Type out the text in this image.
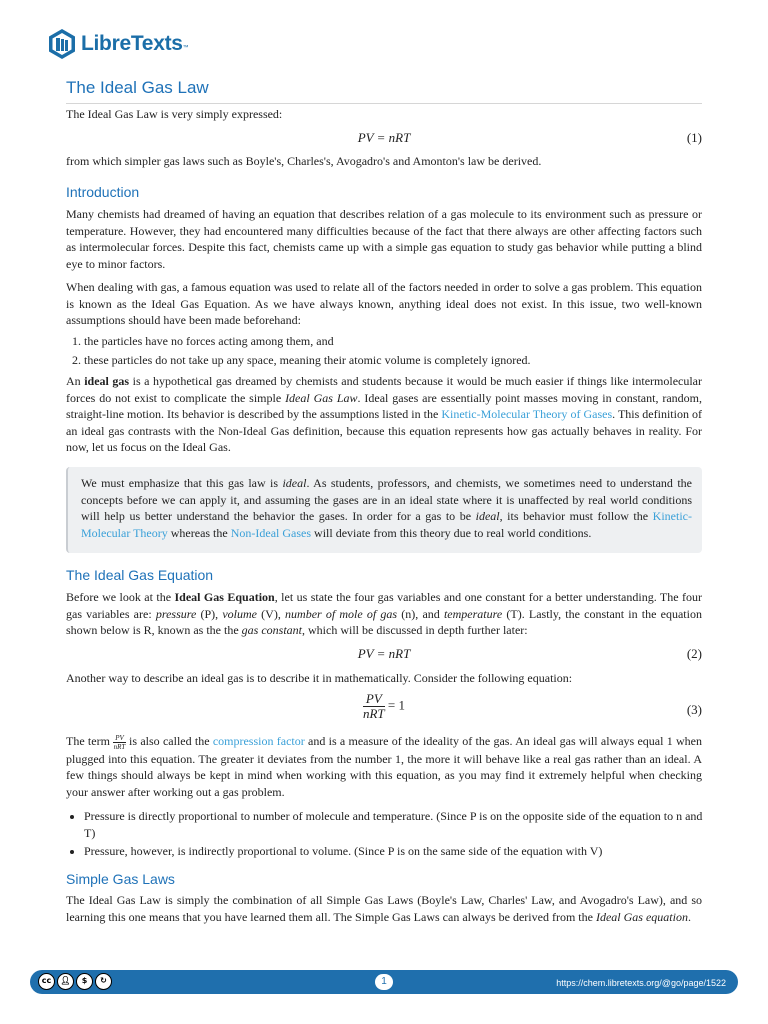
LibreTexts™
The Ideal Gas Law

The Ideal Gas Law is very simply expressed:

PV = nRT	(1)

from which simpler gas laws such as Boyle's, Charles's, Avogadro's and Amonton's law be derived.

Introduction

Many chemists had dreamed of having an equation that describes relation of a gas molecule to its environment such as pressure or temperature. However, they had encountered many difficulties because of the fact that there always are other affecting factors such as intermolecular forces. Despite this fact, chemists came up with a simple gas equation to study gas behavior while putting a blind eye to minor factors.

When dealing with gas, a famous equation was used to relate all of the factors needed in order to solve a gas problem. This equation is known as the Ideal Gas Equation. As we have always known, anything ideal does not exist. In this issue, two well-known assumptions should have been made beforehand:

1. the particles have no forces acting among them, and
2. these particles do not take up any space, meaning their atomic volume is completely ignored.

An ideal gas is a hypothetical gas dreamed by chemists and students because it would be much easier if things like intermolecular forces do not exist to complicate the simple Ideal Gas Law. Ideal gases are essentially point masses moving in constant, random, straight-line motion. Its behavior is described by the assumptions listed in the Kinetic-Molecular Theory of Gases. This definition of an ideal gas contrasts with the Non-Ideal Gas definition, because this equation represents how gas actually behaves in reality. For now, let us focus on the Ideal Gas.

We must emphasize that this gas law is ideal. As students, professors, and chemists, we sometimes need to understand the concepts before we can apply it, and assuming the gases are in an ideal state where it is unaffected by real world conditions will help us better understand the behavior the gases. In order for a gas to be ideal, its behavior must follow the Kinetic-Molecular Theory whereas the Non-Ideal Gases will deviate from this theory due to real world conditions.

The Ideal Gas Equation

Before we look at the Ideal Gas Equation, let us state the four gas variables and one constant for a better understanding. The four gas variables are: pressure (P), volume (V), number of mole of gas (n), and temperature (T). Lastly, the constant in the equation shown below is R, known as the the gas constant, which will be discussed in depth further later:

PV = nRT	(2)

Another way to describe an ideal gas is to describe it in mathematically. Consider the following equation:

$\frac{PV}{\text{nRT}} = 1$	(3)

The term $\frac{PV}{\text{nRT}}$ is also called the compression factor and is a measure of the ideality of the gas. An ideal gas will always equal 1 when plugged into this equation. The greater it deviates from the number 1, the more it will behave like a real gas rather than an ideal. A few things should always be kept in mind when working with this equation, as you may find it extremely helpful when checking your answer after working out a gas problem.

• Pressure is directly proportional to number of molecule and temperature. (Since P is on the opposite side of the equation to n and T)
• Pressure, however, is indirectly proportional to volume. (Since P is on the same side of the equation with V)
Simple Gas Laws

The Ideal Gas Law is simply the combination of all Simple Gas Laws (Boyle's Law, Charles' Law, and Avogadro's Law), and so learning this one means that you have learned them all. The Simple Gas Laws can always be derived from the Ideal Gas equation.

cc	👤︎	$	↻	1	https://chem.libretexts.org/@go/page/1522
